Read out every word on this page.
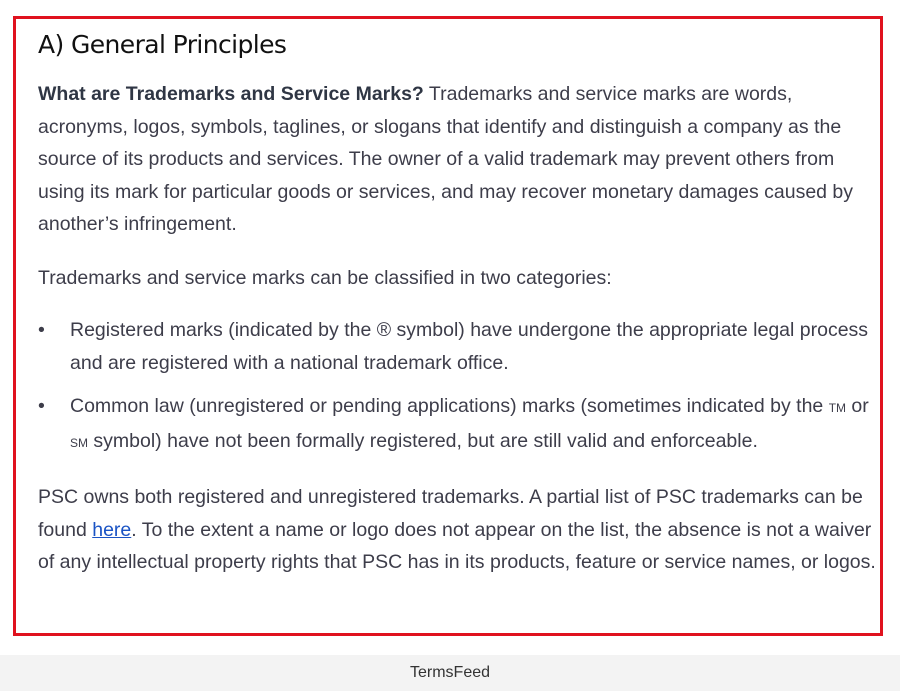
A) General Principles

What are Trademarks and Service Marks? Trademarks and service marks are words, acronyms, logos, symbols, taglines, or slogans that identify and distinguish a company as the source of its products and services. The owner of a valid trademark may prevent others from using its mark for particular goods or services, and may recover monetary damages caused by another’s infringement.

Trademarks and service marks can be classified in two categories:

• Registered marks (indicated by the ® symbol) have undergone the appropriate legal process and are registered with a national trademark office.
• Common law (unregistered or pending applications) marks (sometimes indicated by the TM or SM symbol) have not been formally registered, but are still valid and enforceable.

PSC owns both registered and unregistered trademarks. A partial list of PSC trademarks can be found here. To the extent a name or logo does not appear on the list, the absence is not a waiver of any intellectual property rights that PSC has in its products, feature or service names, or logos.

TermsFeed
